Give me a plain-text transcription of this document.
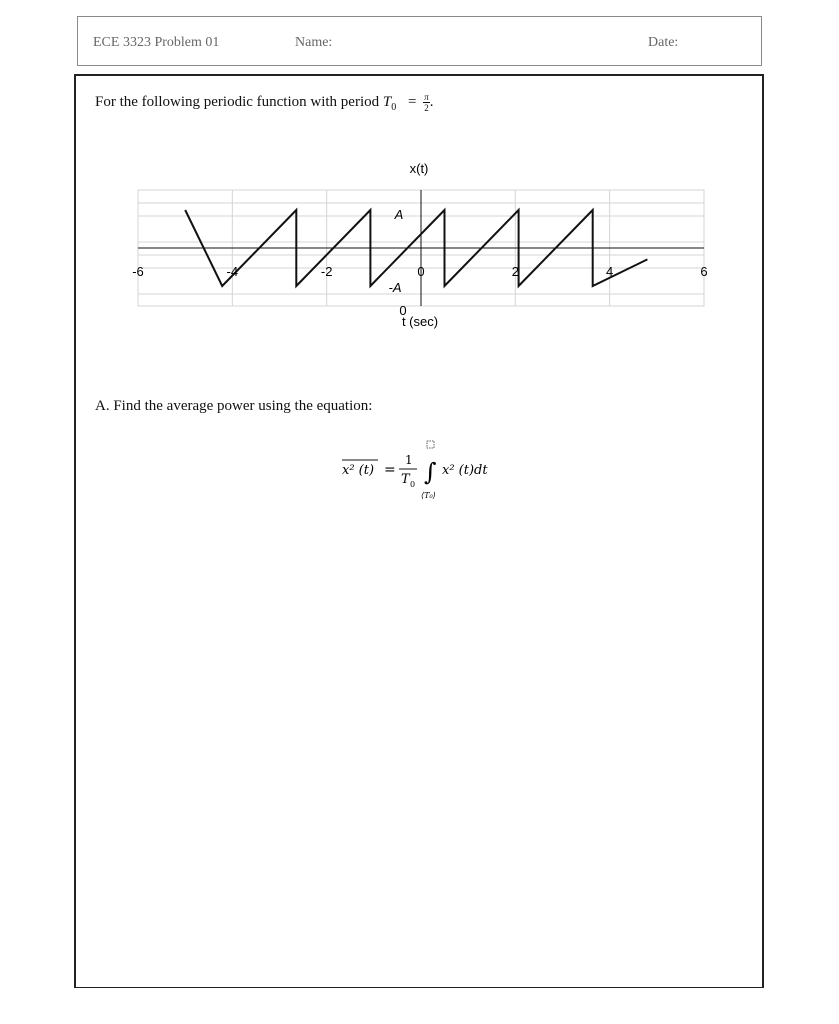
ECE 3323 Problem 01	Name:	Date:
For the following periodic function with period $T_0 = \frac{\pi}{2}$ .
A. Find the average power using the equation:
x² (t) =
1
T 0 ∫ x² (t)dt
⟨T₀⟩
-6	-4	-2	0	2	4	6
A
-A
0
x(t)
t (sec)
